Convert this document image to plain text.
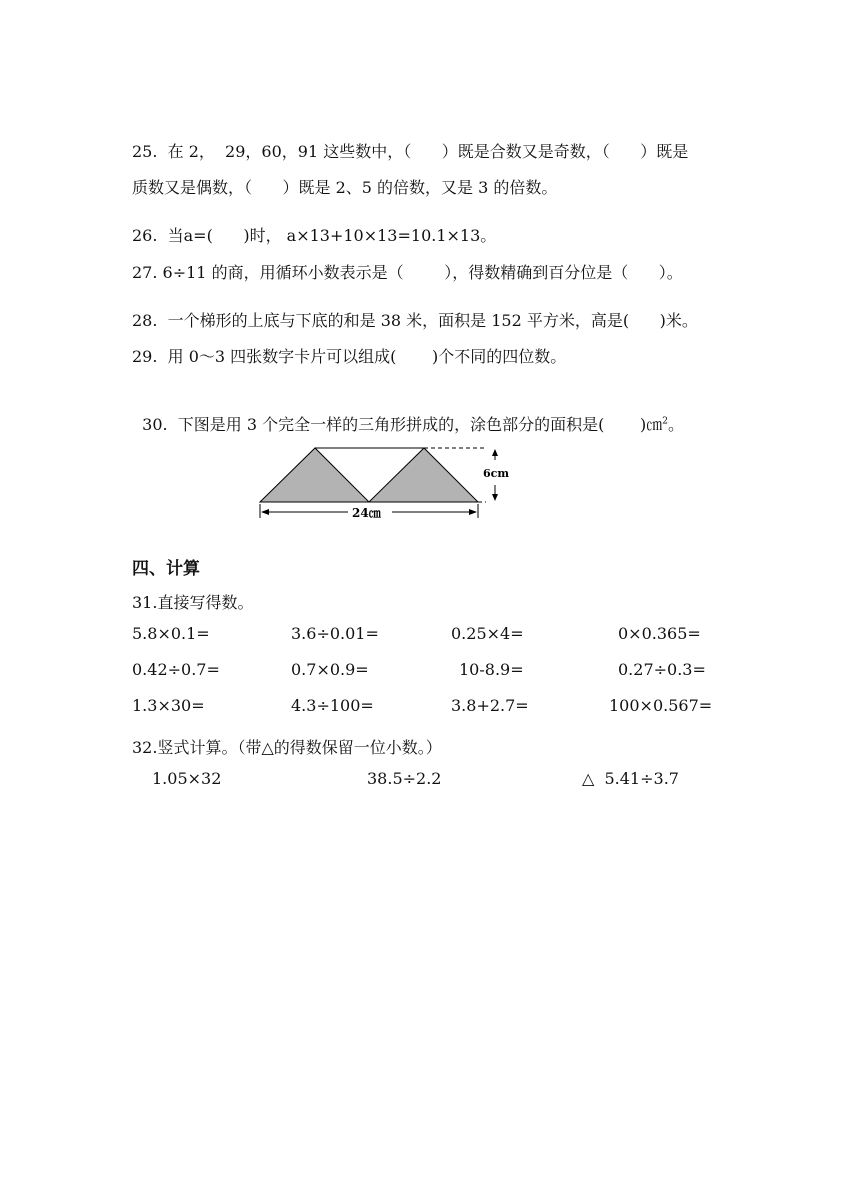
25.  在 2，  29，60，91 这些数中，（      ）既是合数又是奇数，（      ）既是
质数又是偶数，（      ）既是 2、5 的倍数，又是 3 的倍数。
26.  当a=(      )时， a×13+10×13=10.1×13。
27. 6÷11 的商，用循环小数表示是（        ），得数精确到百分位是（      ）。
28.  一个梯形的上底与下底的和是 38 米，面积是 152 平方米，高是(      )米。
29.  用 0～3 四张数字卡片可以组成(       )个不同的四位数。

30.  下图是用 3 个完全一样的三角形拼成的，涂色部分的面积是(       )㎝$^2$。

6cm
24㎝
四、计算
31.直接写得数。
5.8×0.1=	3.6÷0.01=	0.25×4=	0×0.365=
0.42÷0.7=	0.7×0.9=	10-8.9=	0.27÷0.3=
1.3×30=	4.3÷100=	3.8+2.7=	100×0.567=
32.竖式计算。（带△的得数保留一位小数。）
1.05×32	38.5÷2.2	△  5.41÷3.7
